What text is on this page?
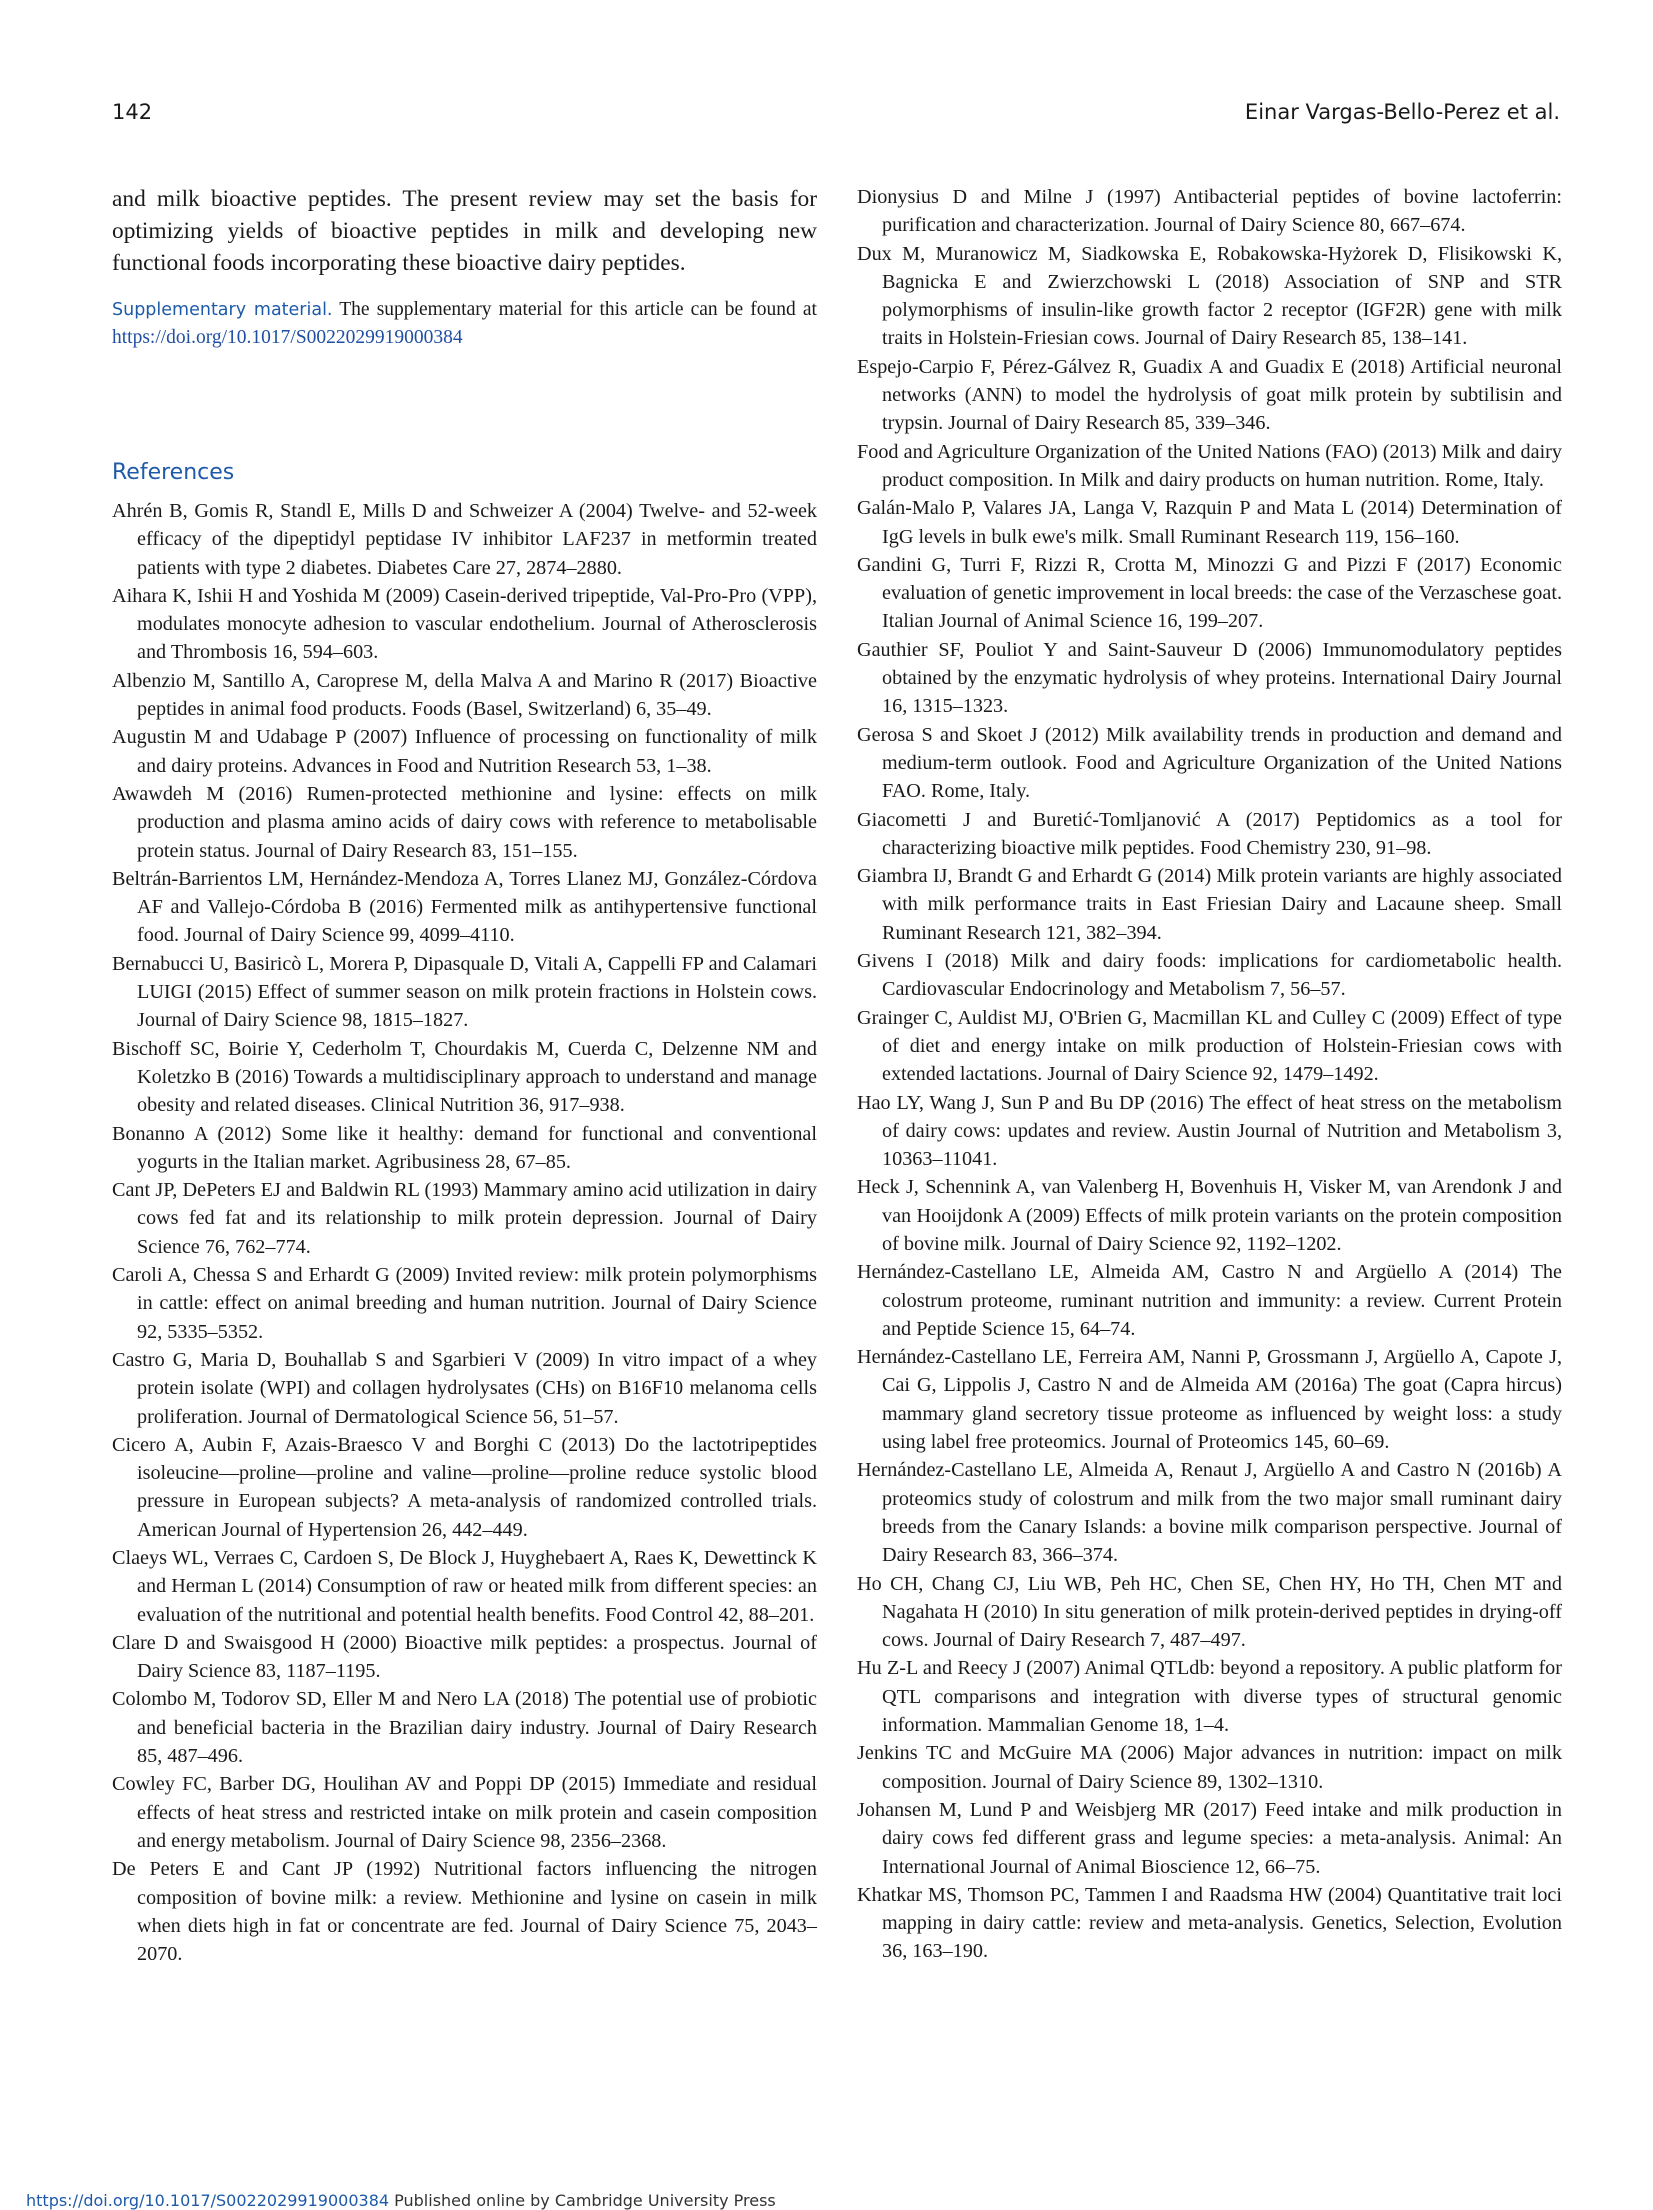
142	Einar Vargas-Bello-Perez et al.

and milk bioactive peptides. The present review may set the basis for optimizing yields of bioactive peptides in milk and developing new functional foods incorporating these bioactive dairy peptides.

Supplementary material. The supplementary material for this article can be found at https://doi.org/10.1017/S0022029919000384

References
Ahrén B, Gomis R, Standl E, Mills D and Schweizer A (2004) Twelve- and 52-week efficacy of the dipeptidyl peptidase IV inhibitor LAF237 in metformin treated patients with type 2 diabetes. Diabetes Care 27, 2874–2880.
Aihara K, Ishii H and Yoshida M (2009) Casein-derived tripeptide, Val-Pro-Pro (VPP), modulates monocyte adhesion to vascular endothelium. Journal of Atherosclerosis and Thrombosis 16, 594–603.
Albenzio M, Santillo A, Caroprese M, della Malva A and Marino R (2017) Bioactive peptides in animal food products. Foods (Basel, Switzerland) 6, 35–49.
Augustin M and Udabage P (2007) Influence of processing on functionality of milk and dairy proteins. Advances in Food and Nutrition Research 53, 1–38.
Awawdeh M (2016) Rumen-protected methionine and lysine: effects on milk production and plasma amino acids of dairy cows with reference to metabolisable protein status. Journal of Dairy Research 83, 151–155.
Beltrán-Barrientos LM, Hernández-Mendoza A, Torres Llanez MJ, González-Córdova AF and Vallejo-Córdoba B (2016) Fermented milk as antihypertensive functional food. Journal of Dairy Science 99, 4099–4110.
Bernabucci U, Basiricò L, Morera P, Dipasquale D, Vitali A, Cappelli FP and Calamari LUIGI (2015) Effect of summer season on milk protein fractions in Holstein cows. Journal of Dairy Science 98, 1815–1827.
Bischoff SC, Boirie Y, Cederholm T, Chourdakis M, Cuerda C, Delzenne NM and Koletzko B (2016) Towards a multidisciplinary approach to understand and manage obesity and related diseases. Clinical Nutrition 36, 917–938.
Bonanno A (2012) Some like it healthy: demand for functional and conventional yogurts in the Italian market. Agribusiness 28, 67–85.
Cant JP, DePeters EJ and Baldwin RL (1993) Mammary amino acid utilization in dairy cows fed fat and its relationship to milk protein depression. Journal of Dairy Science 76, 762–774.
Caroli A, Chessa S and Erhardt G (2009) Invited review: milk protein polymorphisms in cattle: effect on animal breeding and human nutrition. Journal of Dairy Science 92, 5335–5352.
Castro G, Maria D, Bouhallab S and Sgarbieri V (2009) In vitro impact of a whey protein isolate (WPI) and collagen hydrolysates (CHs) on B16F10 melanoma cells proliferation. Journal of Dermatological Science 56, 51–57.
Cicero A, Aubin F, Azais-Braesco V and Borghi C (2013) Do the lactotripeptides isoleucine—proline—proline and valine—proline—proline reduce systolic blood pressure in European subjects? A meta-analysis of randomized controlled trials. American Journal of Hypertension 26, 442–449.
Claeys WL, Verraes C, Cardoen S, De Block J, Huyghebaert A, Raes K, Dewettinck K and Herman L (2014) Consumption of raw or heated milk from different species: an evaluation of the nutritional and potential health benefits. Food Control 42, 88–201.
Clare D and Swaisgood H (2000) Bioactive milk peptides: a prospectus. Journal of Dairy Science 83, 1187–1195.
Colombo M, Todorov SD, Eller M and Nero LA (2018) The potential use of probiotic and beneficial bacteria in the Brazilian dairy industry. Journal of Dairy Research 85, 487–496.
Cowley FC, Barber DG, Houlihan AV and Poppi DP (2015) Immediate and residual effects of heat stress and restricted intake on milk protein and casein composition and energy metabolism. Journal of Dairy Science 98, 2356–2368.
De Peters E and Cant JP (1992) Nutritional factors influencing the nitrogen composition of bovine milk: a review. Methionine and lysine on casein in milk when diets high in fat or concentrate are fed. Journal of Dairy Science 75, 2043–2070.
Dionysius D and Milne J (1997) Antibacterial peptides of bovine lactoferrin: purification and characterization. Journal of Dairy Science 80, 667–674.
Dux M, Muranowicz M, Siadkowska E, Robakowska-Hyżorek D, Flisikowski K, Bagnicka E and Zwierzchowski L (2018) Association of SNP and STR polymorphisms of insulin-like growth factor 2 receptor (IGF2R) gene with milk traits in Holstein-Friesian cows. Journal of Dairy Research 85, 138–141.
Espejo-Carpio F, Pérez-Gálvez R, Guadix A and Guadix E (2018) Artificial neuronal networks (ANN) to model the hydrolysis of goat milk protein by subtilisin and trypsin. Journal of Dairy Research 85, 339–346.
Food and Agriculture Organization of the United Nations (FAO) (2013) Milk and dairy product composition. In Milk and dairy products on human nutrition. Rome, Italy.
Galán-Malo P, Valares JA, Langa V, Razquin P and Mata L (2014) Determination of IgG levels in bulk ewe's milk. Small Ruminant Research 119, 156–160.
Gandini G, Turri F, Rizzi R, Crotta M, Minozzi G and Pizzi F (2017) Economic evaluation of genetic improvement in local breeds: the case of the Verzaschese goat. Italian Journal of Animal Science 16, 199–207.
Gauthier SF, Pouliot Y and Saint-Sauveur D (2006) Immunomodulatory peptides obtained by the enzymatic hydrolysis of whey proteins. International Dairy Journal 16, 1315–1323.
Gerosa S and Skoet J (2012) Milk availability trends in production and demand and medium-term outlook. Food and Agriculture Organization of the United Nations FAO. Rome, Italy.
Giacometti J and Buretić-Tomljanović A (2017) Peptidomics as a tool for characterizing bioactive milk peptides. Food Chemistry 230, 91–98.
Giambra IJ, Brandt G and Erhardt G (2014) Milk protein variants are highly associated with milk performance traits in East Friesian Dairy and Lacaune sheep. Small Ruminant Research 121, 382–394.
Givens I (2018) Milk and dairy foods: implications for cardiometabolic health. Cardiovascular Endocrinology and Metabolism 7, 56–57.
Grainger C, Auldist MJ, O'Brien G, Macmillan KL and Culley C (2009) Effect of type of diet and energy intake on milk production of Holstein-Friesian cows with extended lactations. Journal of Dairy Science 92, 1479–1492.
Hao LY, Wang J, Sun P and Bu DP (2016) The effect of heat stress on the metabolism of dairy cows: updates and review. Austin Journal of Nutrition and Metabolism 3, 10363–11041.
Heck J, Schennink A, van Valenberg H, Bovenhuis H, Visker M, van Arendonk J and van Hooijdonk A (2009) Effects of milk protein variants on the protein composition of bovine milk. Journal of Dairy Science 92, 1192–1202.
Hernández-Castellano LE, Almeida AM, Castro N and Argüello A (2014) The colostrum proteome, ruminant nutrition and immunity: a review. Current Protein and Peptide Science 15, 64–74.
Hernández-Castellano LE, Ferreira AM, Nanni P, Grossmann J, Argüello A, Capote J, Cai G, Lippolis J, Castro N and de Almeida AM (2016a) The goat (Capra hircus) mammary gland secretory tissue proteome as influenced by weight loss: a study using label free proteomics. Journal of Proteomics 145, 60–69.
Hernández-Castellano LE, Almeida A, Renaut J, Argüello A and Castro N (2016b) A proteomics study of colostrum and milk from the two major small ruminant dairy breeds from the Canary Islands: a bovine milk comparison perspective. Journal of Dairy Research 83, 366–374.
Ho CH, Chang CJ, Liu WB, Peh HC, Chen SE, Chen HY, Ho TH, Chen MT and Nagahata H (2010) In situ generation of milk protein-derived peptides in drying-off cows. Journal of Dairy Research 7, 487–497.
Hu Z-L and Reecy J (2007) Animal QTLdb: beyond a repository. A public platform for QTL comparisons and integration with diverse types of structural genomic information. Mammalian Genome 18, 1–4.
Jenkins TC and McGuire MA (2006) Major advances in nutrition: impact on milk composition. Journal of Dairy Science 89, 1302–1310.
Johansen M, Lund P and Weisbjerg MR (2017) Feed intake and milk production in dairy cows fed different grass and legume species: a meta-analysis. Animal: An International Journal of Animal Bioscience 12, 66–75.
Khatkar MS, Thomson PC, Tammen I and Raadsma HW (2004) Quantitative trait loci mapping in dairy cattle: review and meta-analysis. Genetics, Selection, Evolution 36, 163–190.
https://doi.org/10.1017/S0022029919000384 Published online by Cambridge University Press
